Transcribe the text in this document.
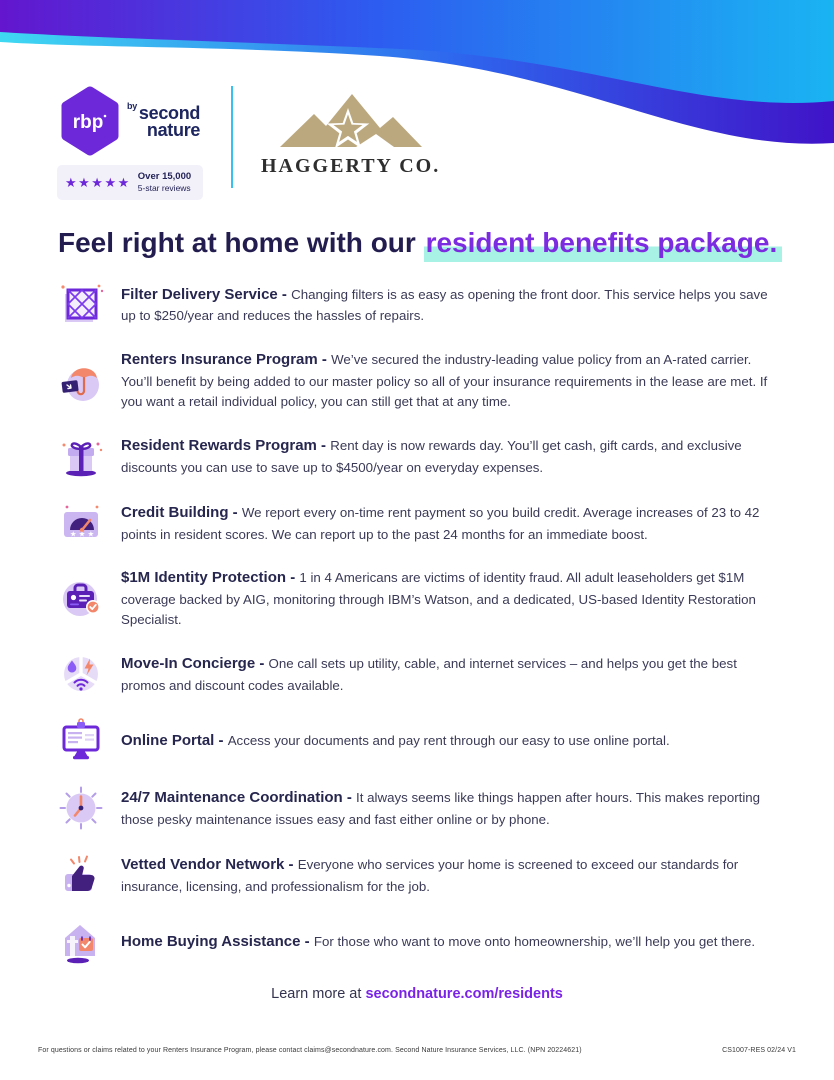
rbp
$^{by}$ second
nature
★★★★★ Over 15,000
5-star reviews
HAGGERTY CO.
Feel right at home with our resident benefits package.

Filter Delivery Service - Changing filters is as easy as opening the front door. This service helps you save up to $250/year and reduces the hassles of repairs.

Renters Insurance Program - We’ve secured the industry-leading value policy from an A-rated carrier. You’ll benefit by being added to our master policy so all of your insurance requirements in the lease are met. If you want a retail individual policy, you can still get that at any time.

Resident Rewards Program - Rent day is now rewards day. You’ll get cash, gift cards, and exclusive discounts you can use to save up to $4500/year on everyday expenses.

★ ★ ★

Credit Building - We report every on-time rent payment so you build credit. Average increases of 23 to 42 points in resident scores. We can report up to the past 24 months for an immediate boost.

$1M Identity Protection - 1 in 4 Americans are victims of identity fraud. All adult leaseholders get $1M coverage backed by AIG, monitoring through IBM’s Watson, and a dedicated, US-based Identity Restoration Specialist.

Move-In Concierge - One call sets up utility, cable, and internet services – and helps you get the best promos and discount codes available.

Online Portal - Access your documents and pay rent through our easy to use online portal.

24/7 Maintenance Coordination - It always seems like things happen after hours. This makes reporting those pesky maintenance issues easy and fast either online or by phone.

Vetted Vendor Network - Everyone who services your home is screened to exceed our standards for insurance, licensing, and professionalism for the job.

Home Buying Assistance - For those who want to move onto homeownership, we’ll help you get there.

Learn more at secondnature.com/residents
For questions or claims related to your Renters Insurance Program, please contact claims@secondnature.com. Second Nature Insurance Services, LLC. (NPN 20224621)	CS1007-RES 02/24 V1
